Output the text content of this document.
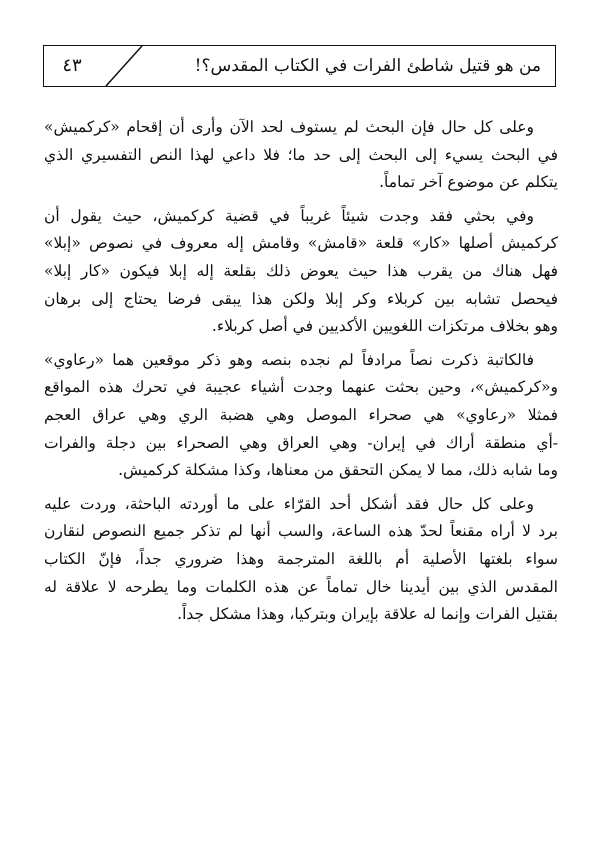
٤٣	من هو قتيل شاطئ الفرات في الكتاب المقدس؟!

وعلى كل حال فإن البحث لم يستوف لحد الآن وأرى أن إقحام «كركميش»
في البحث يسيء إلى البحث إلى حد ما؛ فلا داعي لهذا النص التفسيري الذي
يتكلم عن موضوع آخر تماماً.

وفي بحثي فقد وجدت شيئاً غريباً في قضية كركميش، حيث يقول أن
كركميش أصلها «كار» قلعة «قامش» وقامش إله معروف في نصوص «إبلا»
فهل هناك من يقرب هذا حيث يعوض ذلك بقلعة إله إبلا فيكون «كار إبلا»
فيحصل تشابه بين كربلاء وكر إبلا ولكن هذا يبقى فرضا يحتاج إلى برهان
وهو بخلاف مرتكزات اللغويين الأكديين في أصل كربلاء.

فالكاتبة ذكرت نصاً مرادفاً لم نجده بنصه وهو ذكر موقعين هما «رعاوي»
و«كركميش»، وحين بحثت عنهما وجدت أشياء عجيبة في تحرك هذه المواقع
فمثلا «رعاوي» هي صحراء الموصل وهي هضبة الري وهي عراق العجم
-أي منطقة أراك في إيران- وهي العراق وهي الصحراء بين دجلة والفرات
وما شابه ذلك، مما لا يمكن التحقق من معناها، وكذا مشكلة كركميش.

وعلى كل حال فقد أشكل أحد القرّاء على ما أوردته الباحثة، وردت عليه
برد لا أراه مقنعاً لحدّ هذه الساعة، والسب أنها لم تذكر جميع النصوص لنقارن
سواء بلغتها الأصلية أم باللغة المترجمة وهذا ضروري جداً، فإنّ الكتاب
المقدس الذي بين أيدينا خال تماماً عن هذه الكلمات وما يطرحه لا علاقة له
بقتيل الفرات وإنما له علاقة بإيران وبتركيا، وهذا مشكل جداً.
